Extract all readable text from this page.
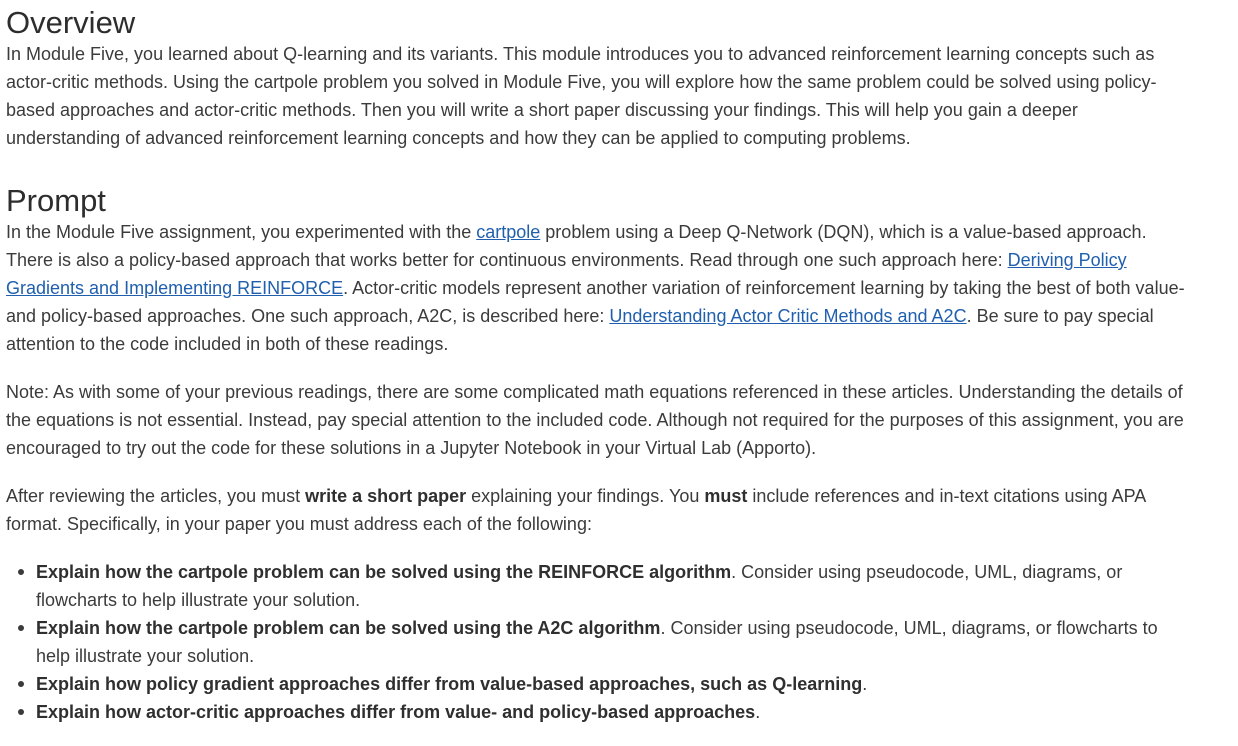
Overview

In Module Five, you learned about Q-learning and its variants. This module introduces you to advanced reinforcement learning concepts such as actor-critic methods. Using the cartpole problem you solved in Module Five, you will explore how the same problem could be solved using policy-based approaches and actor-critic methods. Then you will write a short paper discussing your findings. This will help you gain a deeper understanding of advanced reinforcement learning concepts and how they can be applied to computing problems.

Prompt

In the Module Five assignment, you experimented with the cartpole problem using a Deep Q-Network (DQN), which is a value-based approach. There is also a policy-based approach that works better for continuous environments. Read through one such approach here: Deriving Policy Gradients and Implementing REINFORCE. Actor-critic models represent another variation of reinforcement learning by taking the best of both value- and policy-based approaches. One such approach, A2C, is described here: Understanding Actor Critic Methods and A2C. Be sure to pay special attention to the code included in both of these readings.

Note: As with some of your previous readings, there are some complicated math equations referenced in these articles. Understanding the details of the equations is not essential. Instead, pay special attention to the included code. Although not required for the purposes of this assignment, you are encouraged to try out the code for these solutions in a Jupyter Notebook in your Virtual Lab (Apporto).

After reviewing the articles, you must write a short paper explaining your findings. You must include references and in-text citations using APA format. Specifically, in your paper you must address each of the following:

Explain how the cartpole problem can be solved using the REINFORCE algorithm. Consider using pseudocode, UML, diagrams, or flowcharts to help illustrate your solution.
Explain how the cartpole problem can be solved using the A2C algorithm. Consider using pseudocode, UML, diagrams, or flowcharts to help illustrate your solution.
Explain how policy gradient approaches differ from value-based approaches, such as Q-learning.
Explain how actor-critic approaches differ from value- and policy-based approaches.
